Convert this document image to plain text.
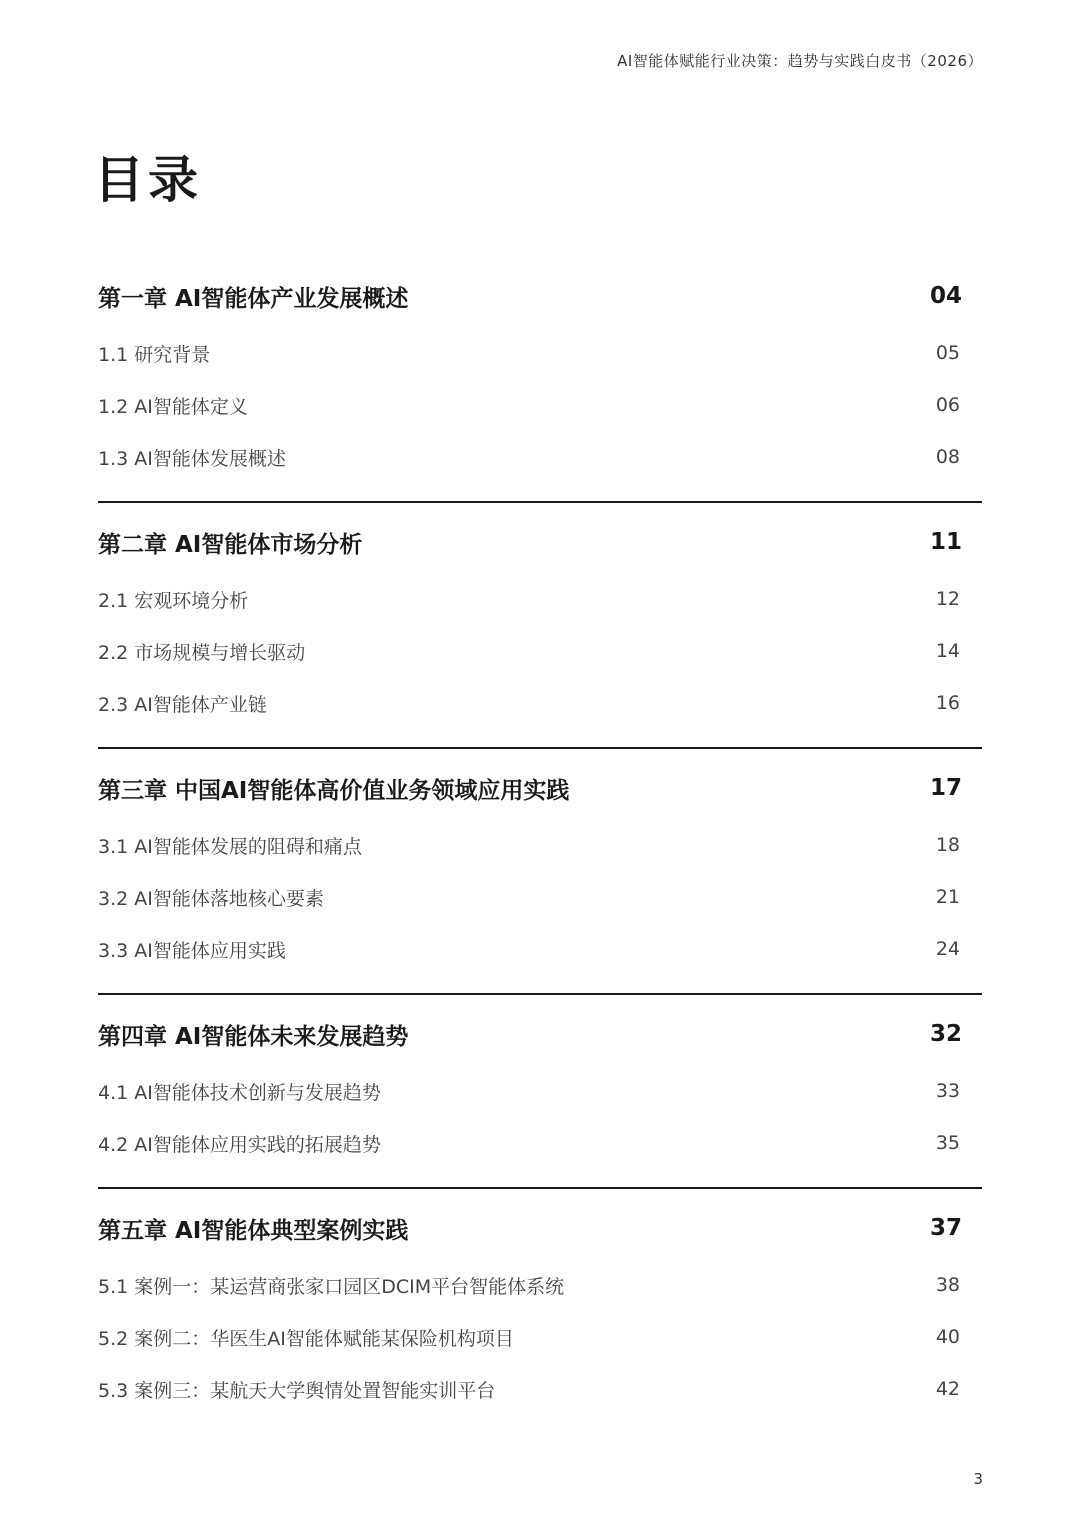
AI智能体赋能行业决策：趋势与实践白皮书（2026）
目录
第一章 AI智能体产业发展概述	04
1.1 研究背景	05
1.2 AI智能体定义	06
1.3 AI智能体发展概述	08
第二章 AI智能体市场分析	11
2.1 宏观环境分析	12
2.2 市场规模与增长驱动	14
2.3 AI智能体产业链	16
第三章 中国AI智能体高价值业务领域应用实践	17
3.1 AI智能体发展的阻碍和痛点	18
3.2 AI智能体落地核心要素	21
3.3 AI智能体应用实践	24
第四章 AI智能体未来发展趋势	32
4.1 AI智能体技术创新与发展趋势	33
4.2 AI智能体应用实践的拓展趋势	35
第五章 AI智能体典型案例实践	37
5.1 案例一：某运营商张家口园区DCIM平台智能体系统	38
5.2 案例二：华医生AI智能体赋能某保险机构项目	40
5.3 案例三：某航天大学舆情处置智能实训平台	42
3
